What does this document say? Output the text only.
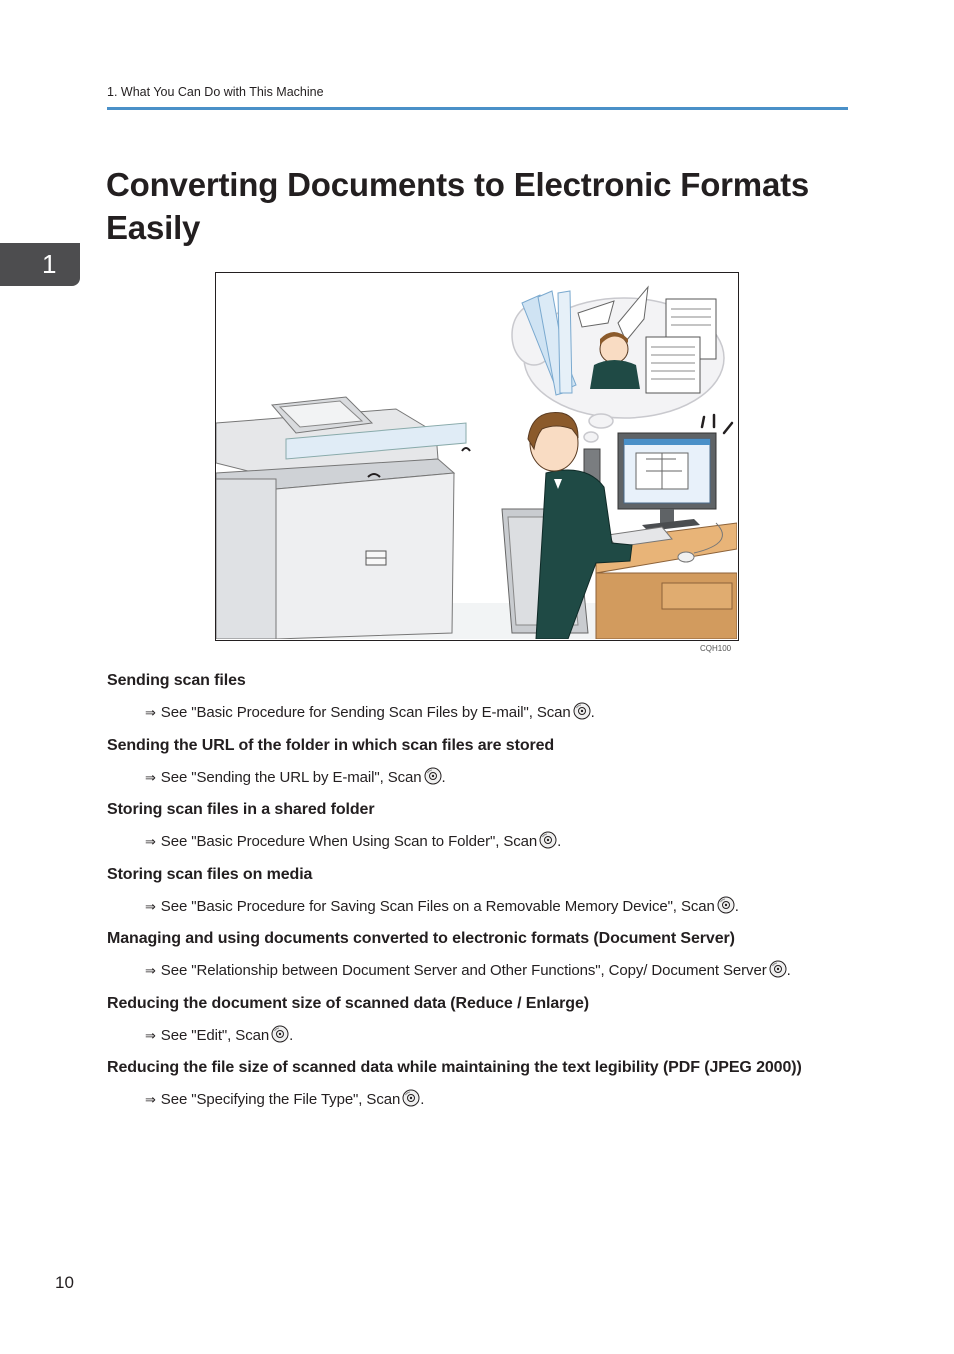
1. What You Can Do with This Machine
1
Converting Documents to Electronic Formats Easily
CQH100
Sending scan files
⇒ See "Basic Procedure for Sending Scan Files by E-mail", Scan .
Sending the URL of the folder in which scan files are stored
⇒ See "Sending the URL by E-mail", Scan .
Storing scan files in a shared folder
⇒ See "Basic Procedure When Using Scan to Folder", Scan .
Storing scan files on media
⇒ See "Basic Procedure for Saving Scan Files on a Removable Memory Device", Scan .
Managing and using documents converted to electronic formats (Document Server)
⇒ See "Relationship between Document Server and Other Functions", Copy/ Document Server .
Reducing the document size of scanned data (Reduce / Enlarge)
⇒ See "Edit", Scan .
Reducing the file size of scanned data while maintaining the text legibility (PDF (JPEG 2000))
⇒ See "Specifying the File Type", Scan .
10
